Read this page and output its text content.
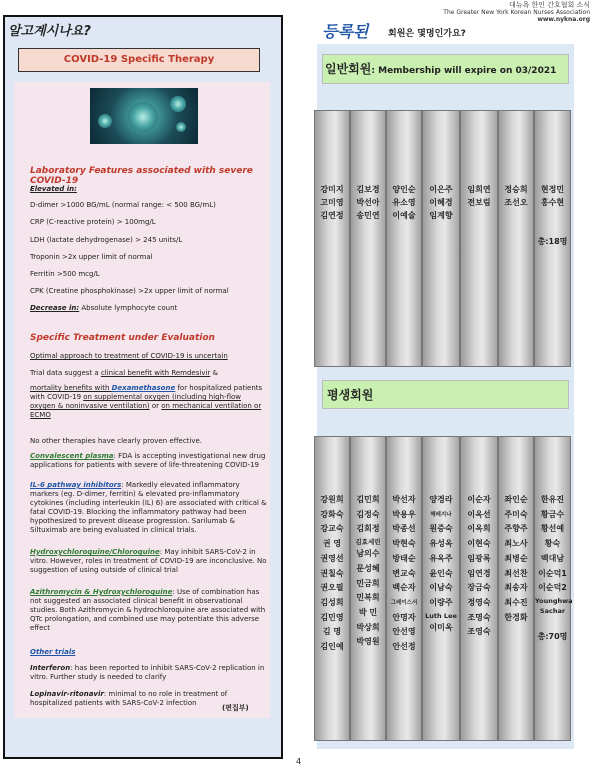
대뉴욕 한인 간호협회 소식
The Greater New York Korean Nurses Association
www.nykna.org
알고계시나요?
COVID-19 Specific Therapy
Laboratory Features associated with severe COVID-19
Elevated in:
D-dimer >1000 BG/mL (normal range: < 500 BG/mL)
CRP (C-reactive protein) > 100mg/L
LDH (lactate dehydrogenase) > 245 units/L
Troponin >2x upper limit of normal
Ferritin >500 mcg/L
CPK (Creatine phosphokinase) >2x upper limit of normal
Decrease in: Absolute lymphocyte count
Specific Treatment under Evaluation
Optimal approach to treatment of COVID-19 is uncertain
Trial data suggest a clinical benefit with Remdesivir &
mortality benefits with Dexamethasone for hospitalized patients with COVID-19 on supplemental oxygen (including high-flow oxygen & noninvasive ventilation) or on mechanical ventilation or ECMO
No other therapies have clearly proven effective.
Convalescent plasma: FDA is accepting investigational new drug applications for patients with severe of life-threatening COVID-19
IL-6 pathway inhibitors: Markedly elevated inflammatory markers (eg. D-dimer, ferritin) & elevated pro-inflammatory cytokines (including interleukin (IL) 6) are associated with critical & fatal COVID-19. Blocking the inflammatory pathway had been hypothesized to prevent disease progression. Sarilumab & Siltuximab are being evaluated in clinical trials.
Hydroxychloroquine/Chloroquine: May inhibit SARS-CoV-2 in vitro. However, roles in treatment of COVID-19 are inconclusive. No suggestion of using outside of clinical trial
Azithromycin & Hydroxychloroquine: Use of combination has not suggested an associated clinical benefit in observational studies. Both Azithromycin & hydrochloroquine are associated with QTc prolongation, and combined use may potentiate this adverse effect
Other trials
Interferon: has been reported to inhibit SARS-CoV-2 replication in vitro. Further study is needed to clarify
Lopinavir-ritonavir: minimal to no role in treatment of hospitalized patients with SARS-CoV-2 infection
(편집부)
등록된 회원은 몇명인가요?
일반회원: Membership will expire on 03/2021
강미지
고미영
김연정
김보경
박선아
송민연
양인순
유소영
이예술
이은주
이혜경
임계향
임희연
전보림
정승희
조선오
현정민
홍수현
총:18명
평생회원
강원희
강화숙
강교숙
권 영
권영선
권칠숙
권오필
김성희
김민영
김 명
김인예
김민희
김정숙
김회정
김효세린
남의수
문성혜
민금희
민복희
박 민
박상희
박영원
박선자
박용우
박종선
박현숙
방태순
변교숙
백순자
그레이스서
안명자
안선영
안선정
양경라
헤레지나
원증숙
유성옥
유옥주
윤인숙
이남숙
이량주
Luth Lee
이미옥
이순자
이옥선
이옥희
이현숙
임광록
임연경
장금숙
정영숙
조명숙
조영숙
좌인순
주미숙
주향주
최노사
최병순
최선찬
최송자
최수진
한경화
한유진
황금수
황선예
황숙
백대남
이순덕1
이순덕2
Younghwa
Sachar
총:70명
4
